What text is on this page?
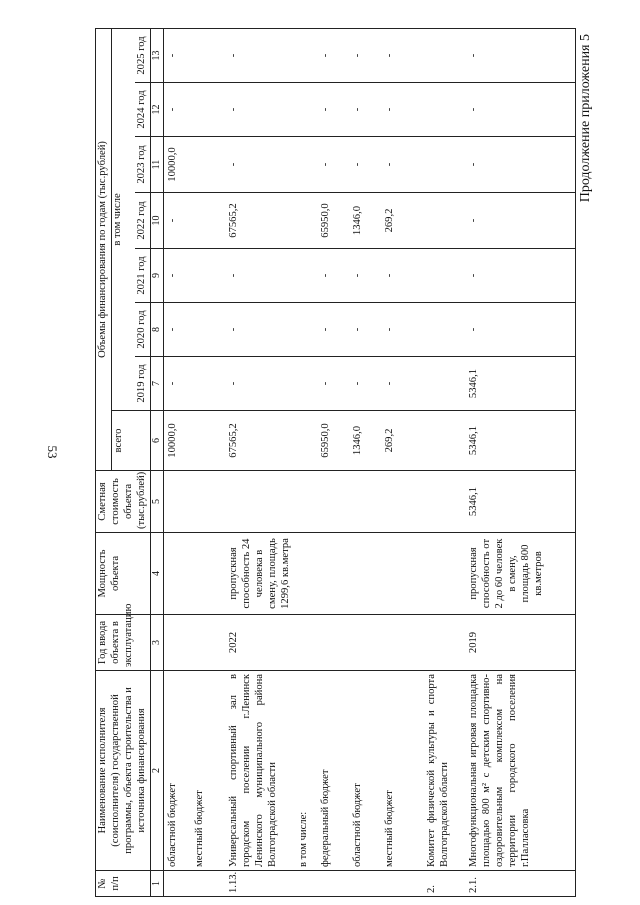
53
Продолжение приложения 5
№ п/п	Наименование исполнителя (соисполнителя) государственной программы, объекта строительства и источника финансирования	Год ввода объекта в эксплуатацию	Мощность объекта	Сметная стоимость объекта (тыс.рублей)	Объемы финансирования по годам (тыс.рублей)							
					всего	в том числе						
						2019 год	2020 год	2021 год	2022 год	2023 год	2024 год	2025 год
1	2	3	4	5	6	7	8	9	10	11	12	13
	областной бюджет				10000,0	-	-	-	-	10000,0	-	-
	местный бюджет											
1.13.	Универсальный спортивный зал в городском поселении г.Ленинск Ленинского муниципального района Волгоградской области	2022	пропускная способность 24 человека в смену, площадь 1299,6 кв.метра		67565,2	-	-	-	67565,2	-	-	-
	в том числе:											
	федеральный бюджет				65950,0	-	-	-	65950,0	-	-	-
	областной бюджет				1346,0	-	-	-	1346,0	-	-	-
	местный бюджет				269,2	-	-	-	269,2	-	-	-
2.	Комитет физической культуры и спорта Волгоградской области											
2.1.	Многофункциональная игровая площадка площадью 800 м² с детским спортивно-оздоровительным комплексом на территории городского поселения г.Палласовка	2019	пропускная способность от 2 до 60 человек в смену, площадь 800 кв.метров	5346,1	5346,1	5346,1	-	-	-	-	-	-
